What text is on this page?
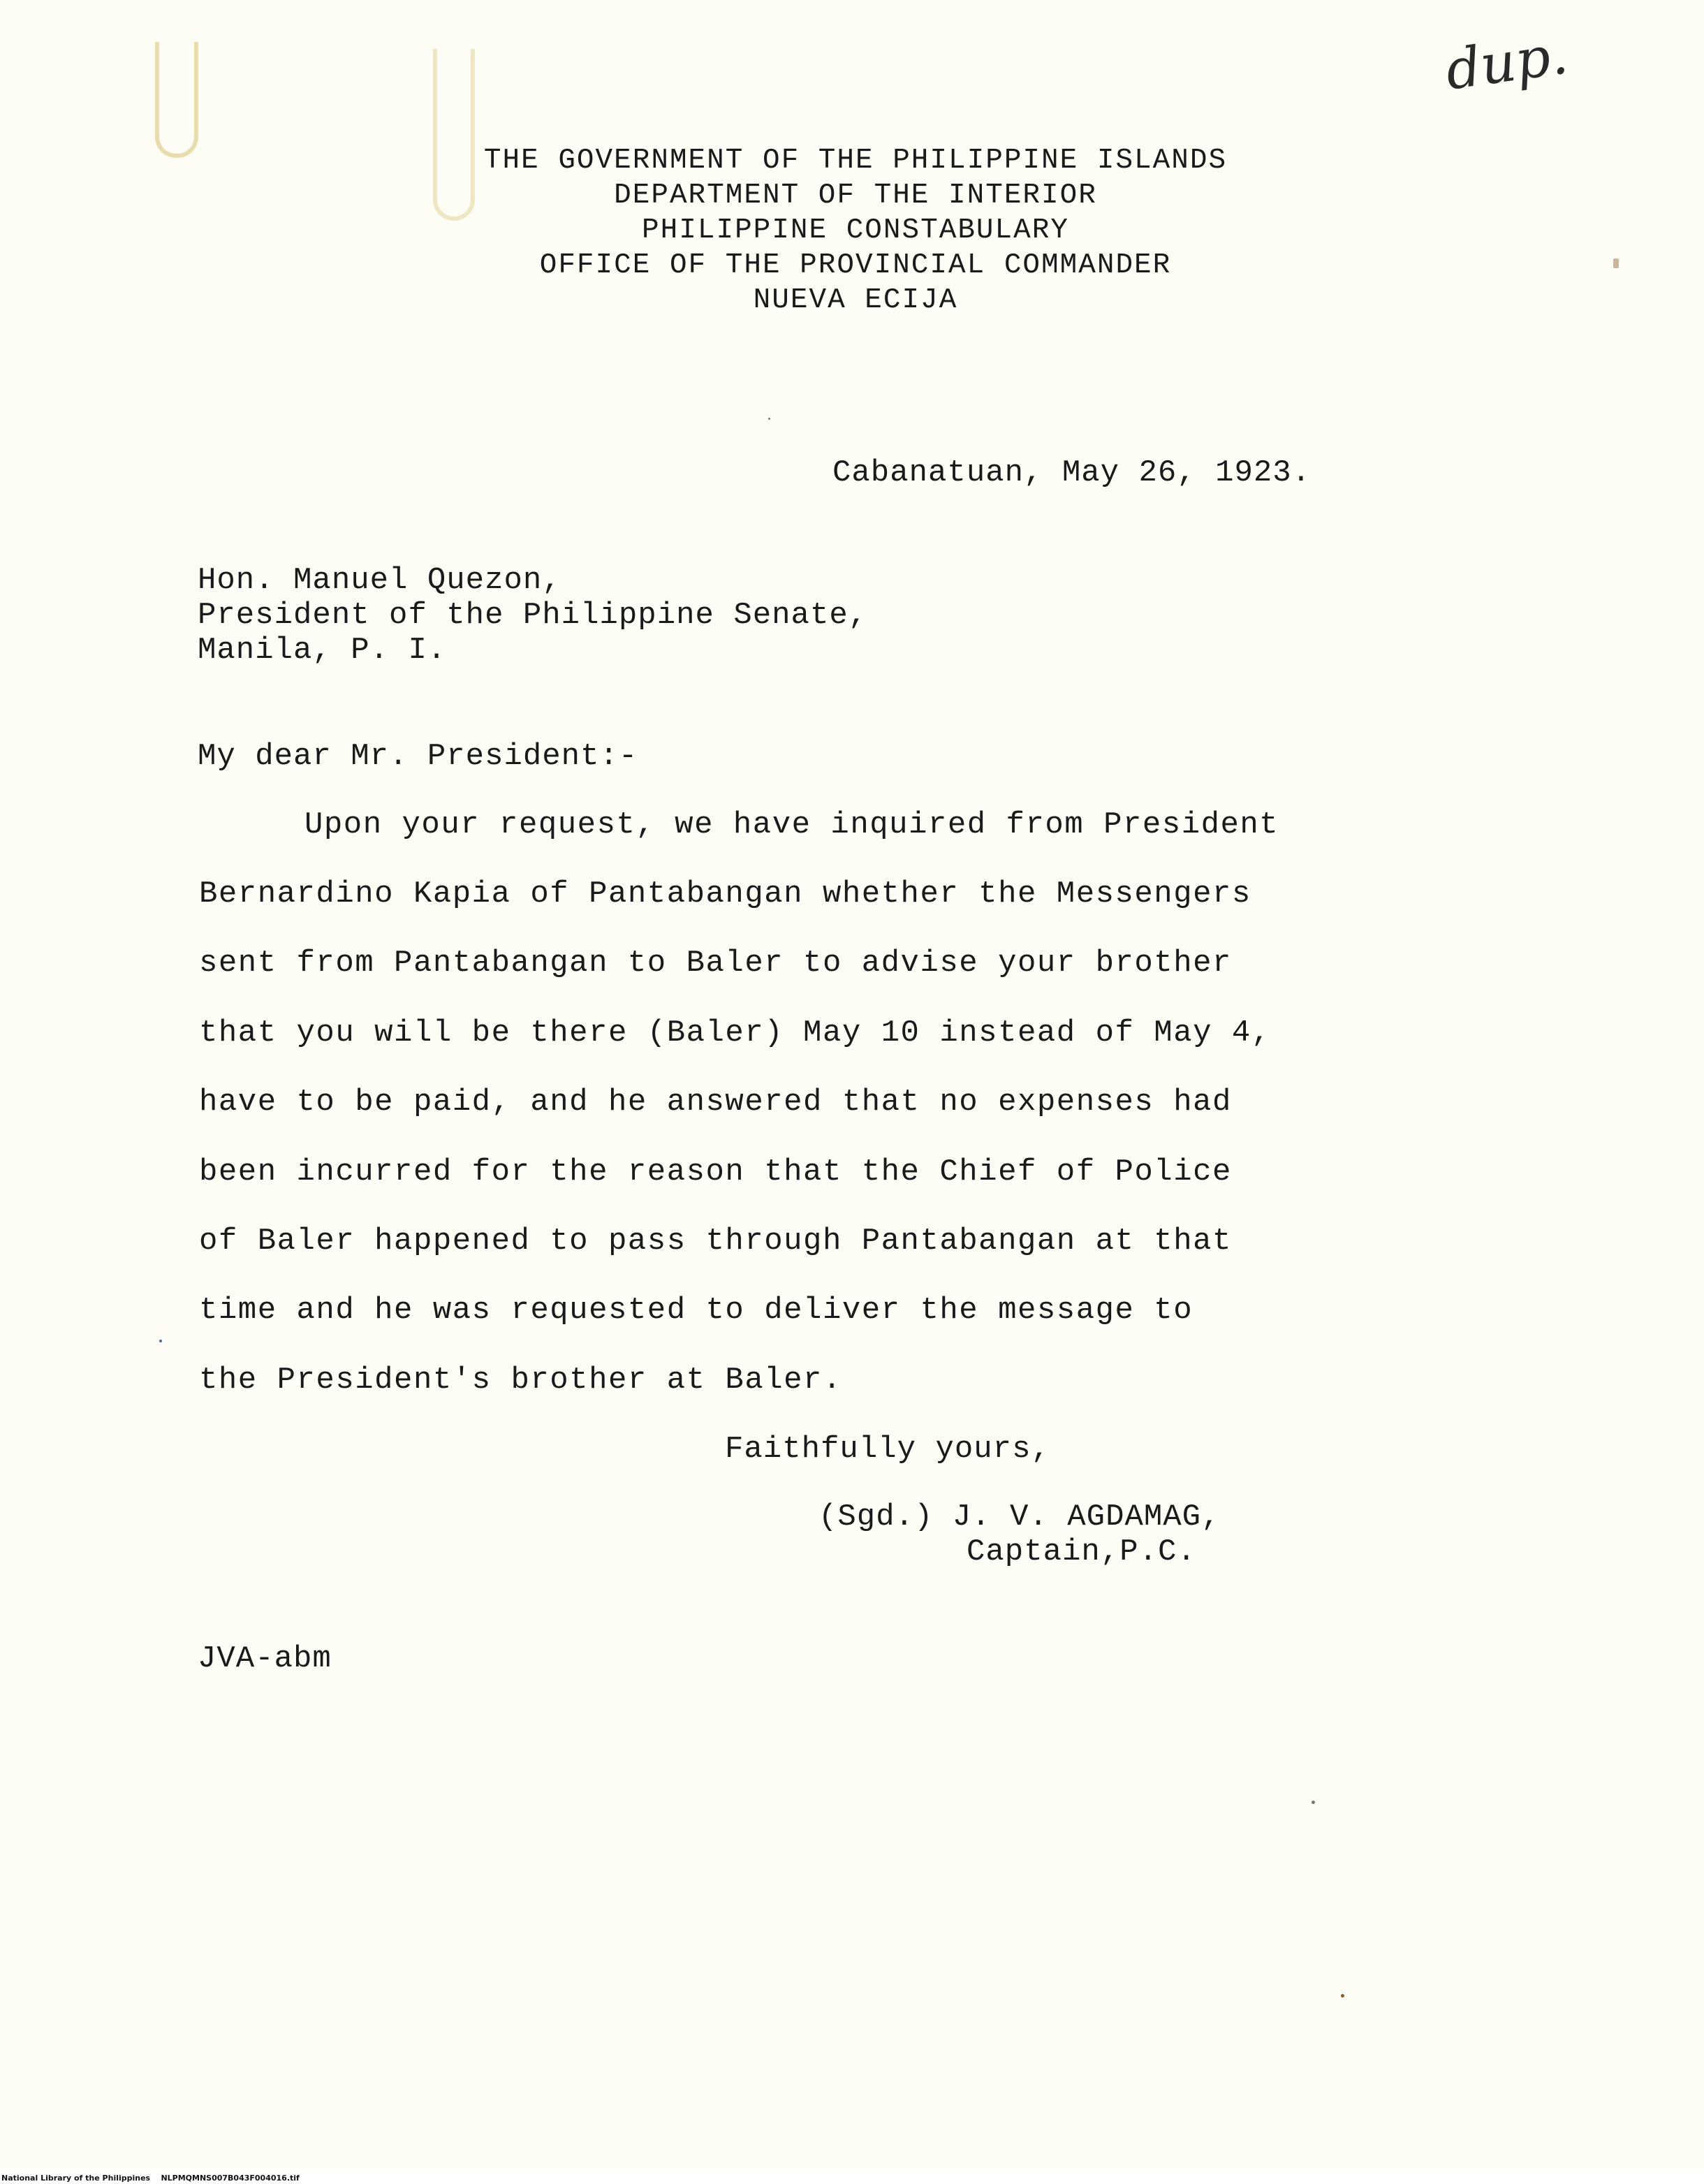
dup.
THE GOVERNMENT OF THE PHILIPPINE ISLANDS
DEPARTMENT OF THE INTERIOR
PHILIPPINE CONSTABULARY
OFFICE OF THE PROVINCIAL COMMANDER
NUEVA ECIJA
Cabanatuan, May 26, 1923.
Hon. Manuel Quezon,
President of the Philippine Senate,
Manila, P. I.
My dear Mr. President:-
Upon your request, we have inquired from President
Bernardino Kapia of Pantabangan whether the Messengers
sent from Pantabangan to Baler to advise your brother
that you will be there (Baler) May 10 instead of May 4,
have to be paid, and he answered that no expenses had
been incurred for the reason that the Chief of Police
of Baler happened to pass through Pantabangan at that
time and he was requested to deliver the message to
the President's brother at Baler.
Faithfully yours,
(Sgd.) J. V. AGDAMAG,
Captain,P.C.
JVA-abm
National Library of the Philippines NLPMQMNS007B043F004016.tif
